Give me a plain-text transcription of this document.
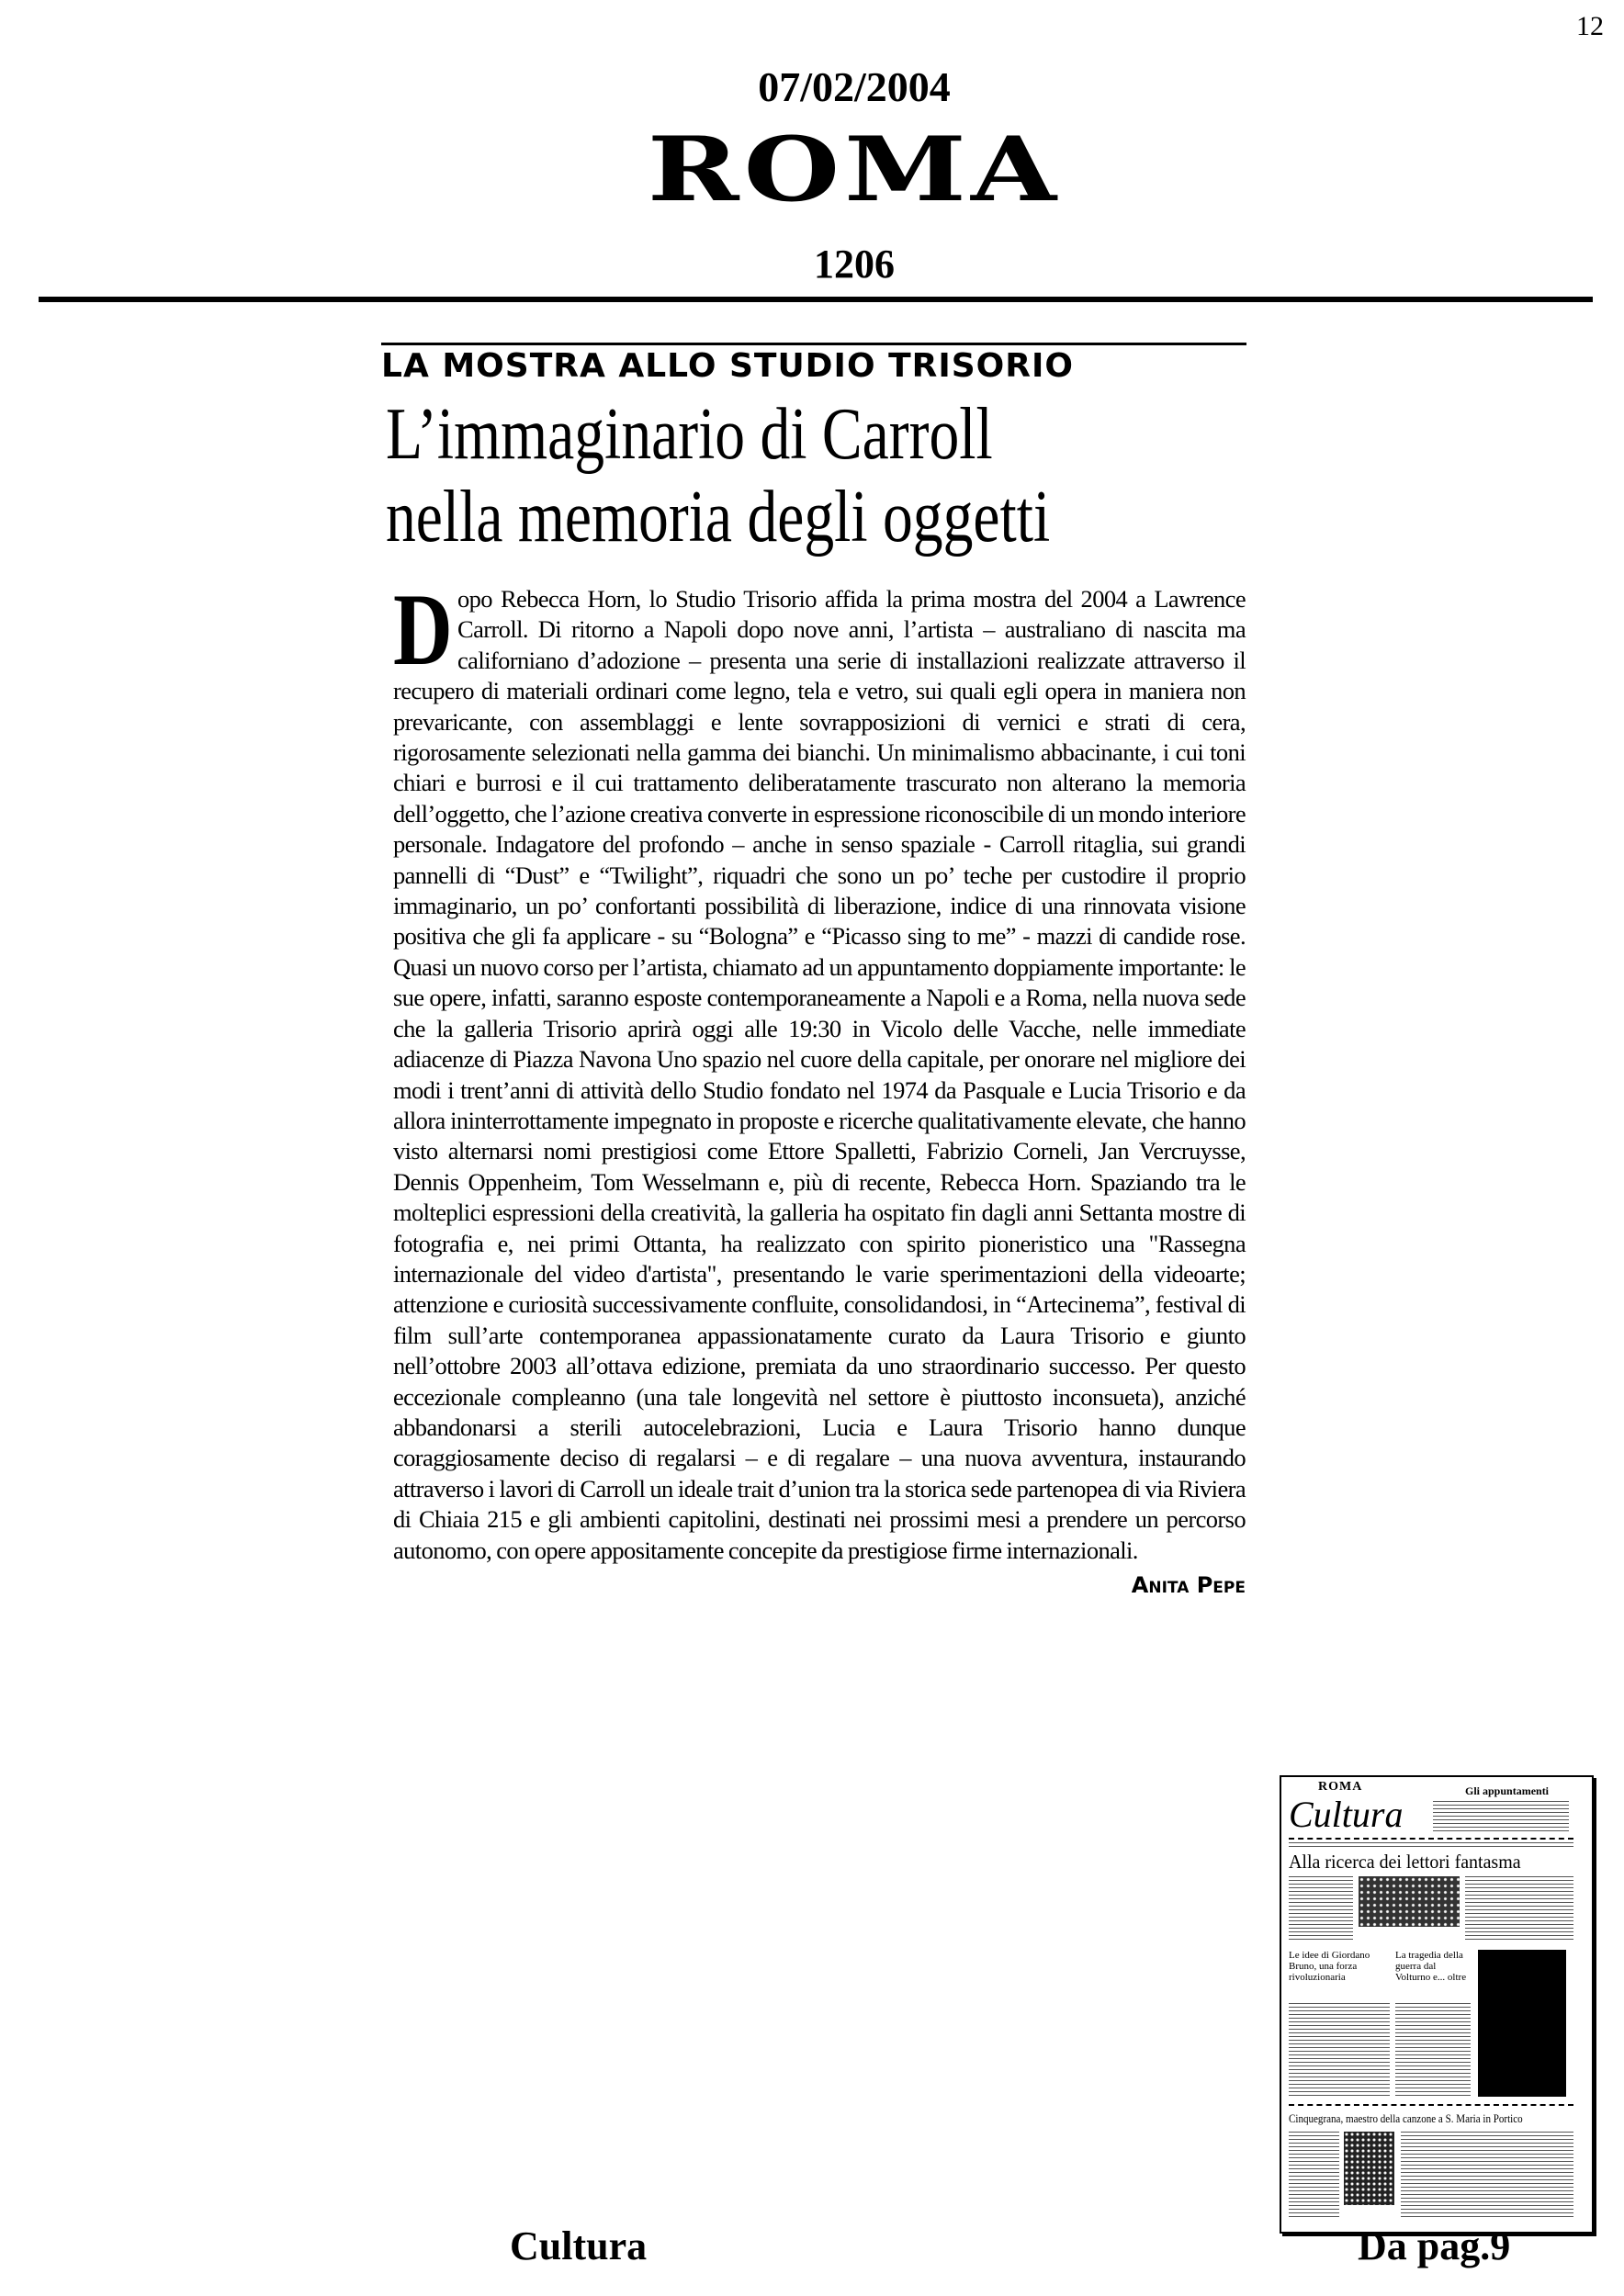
12
07/02/2004
ROMA
1206
LA MOSTRA ALLO STUDIO TRISORIO
L’immaginario di Carroll
nella memoria degli oggetti
Dopo Rebecca Horn, lo Studio Trisorio affida la prima mostra del 2004 a Lawrence Carroll. Di ritorno a Napoli dopo nove anni, l’artista – australiano di nascita ma californiano d’adozione – presenta una serie di installazioni realizzate attraverso il recupero di materiali ordinari come legno, tela e vetro, sui quali egli opera in maniera non prevaricante, con assemblaggi e lente sovrapposizioni di vernici e strati di cera, rigorosamente selezionati nella gamma dei bianchi. Un minimalismo abbacinante, i cui toni chiari e burrosi e il cui trattamento deliberatamente trascurato non alterano la memoria dell’oggetto, che l’azione creativa converte in espressione riconoscibile di un mondo interiore personale. Indagatore del profondo – anche in senso spaziale - Carroll ritaglia, sui grandi pannelli di “Dust” e “Twilight”, riquadri che sono un po’ teche per custodire il proprio immaginario, un po’ confortanti possibilità di liberazione, indice di una rinnovata visione positiva che gli fa applicare - su “Bologna” e “Picasso sing to me” - mazzi di candide rose. Quasi un nuovo corso per l’artista, chiamato ad un appuntamento doppiamente importante: le sue opere, infatti, saranno esposte contemporaneamente a Napoli e a Roma, nella nuova sede che la galleria Trisorio aprirà oggi alle 19:30 in Vicolo delle Vacche, nelle immediate adiacenze di Piazza Navona Uno spazio nel cuore della capitale, per onorare nel migliore dei modi i trent’anni di attività dello Studio fondato nel 1974 da Pasquale e Lucia Trisorio e da allora ininterrottamente impegnato in proposte e ricerche qualitativamente elevate, che hanno visto alternarsi nomi prestigiosi come Ettore Spalletti, Fabrizio Corneli, Jan Vercruysse, Dennis Oppenheim, Tom Wesselmann e, più di recente, Rebecca Horn. Spaziando tra le molteplici espressioni della creatività, la galleria ha ospitato fin dagli anni Settanta mostre di fotografia e, nei primi Ottanta, ha realizzato con spirito pioneristico una "Rassegna internazionale del video d'artista", presentando le varie sperimentazioni della videoarte; attenzione e curiosità successivamente confluite, consolidandosi, in “Artecinema”, festival di film sull’arte contemporanea appassionatamente curato da Laura Trisorio e giunto nell’ottobre 2003 all’ottava edizione, premiata da uno straordinario successo. Per questo eccezionale compleanno (una tale longevità nel settore è piuttosto inconsueta), anziché abbandonarsi a sterili autocelebrazioni, Lucia e Laura Trisorio hanno dunque coraggiosamente deciso di regalarsi – e di regalare – una nuova avventura, instaurando attraverso i lavori di Carroll un ideale trait d’union tra la storica sede partenopea di via Riviera di Chiaia 215 e gli ambienti capitolini, destinati nei prossimi mesi a prendere un percorso autonomo, con opere appositamente concepite da prestigiose firme internazionali.
Anita Pepe
ROMA
Cultura
Gli appuntamenti
Alla ricerca dei lettori fantasma
Le idee di Giordano Bruno, una forza rivoluzionaria
La tragedia della guerra dal Volturno e... oltre
Cinquegrana, maestro della canzone a S. Maria in Portico
Cultura	Da pag.9
